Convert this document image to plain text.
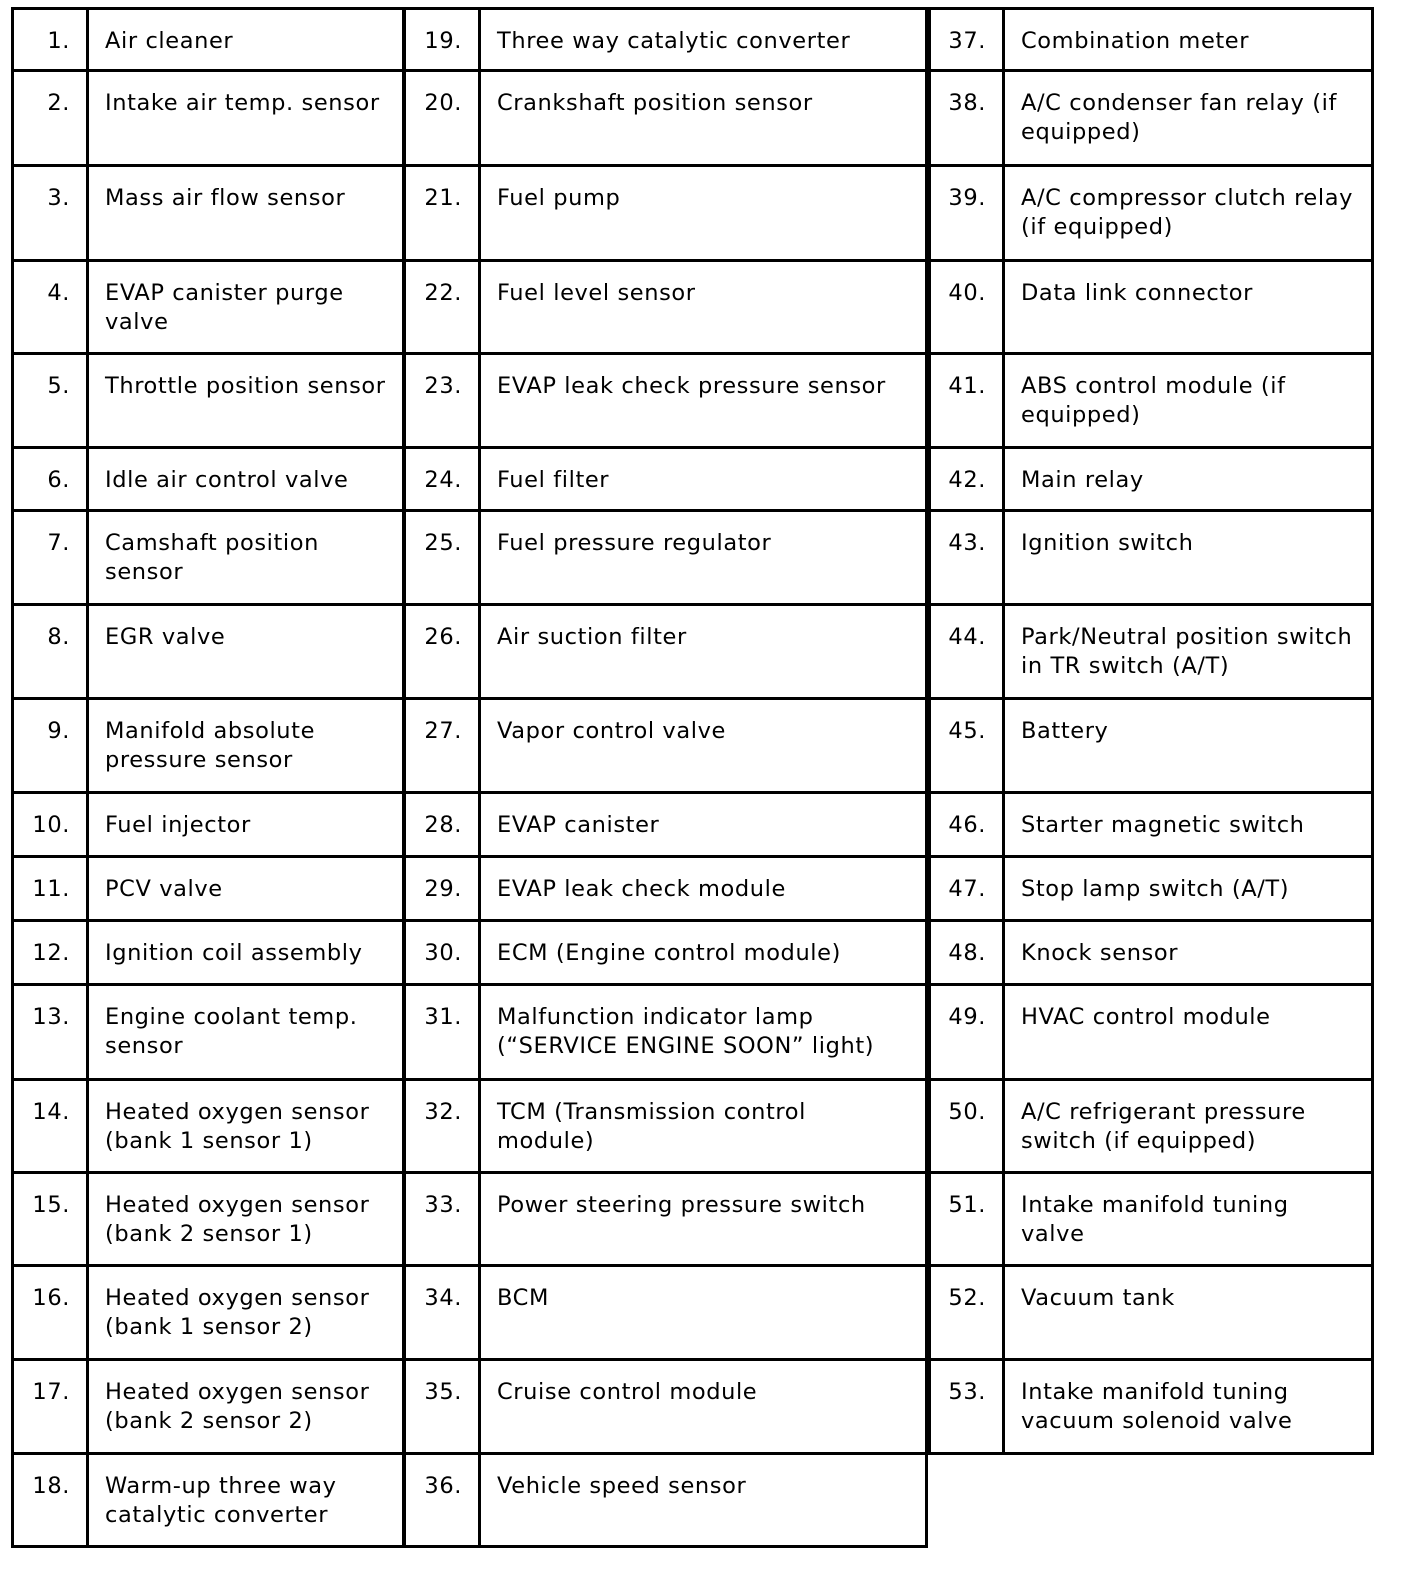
1.	Air cleaner
2.	Intake air temp. sensor
3.	Mass air flow sensor
4.	EVAP canister purge valve
5.	Throttle position sensor
6.	Idle air control valve
7.	Camshaft position sensor
8.	EGR valve
9.	Manifold absolute pressure sensor
10.	Fuel injector
11.	PCV valve
12.	Ignition coil assembly
13.	Engine coolant temp. sensor
14.	Heated oxygen sensor (bank 1 sensor 1)
15.	Heated oxygen sensor (bank 2 sensor 1)
16.	Heated oxygen sensor (bank 1 sensor 2)
17.	Heated oxygen sensor (bank 2 sensor 2)
18.	Warm-up three way catalytic converter
19.	Three way catalytic converter
20.	Crankshaft position sensor
21.	Fuel pump
22.	Fuel level sensor
23.	EVAP leak check pressure sensor
24.	Fuel filter
25.	Fuel pressure regulator
26.	Air suction filter
27.	Vapor control valve
28.	EVAP canister
29.	EVAP leak check module
30.	ECM (Engine control module)
31.	Malfunction indicator lamp (“SERVICE ENGINE SOON” light)
32.	TCM (Transmission control module)
33.	Power steering pressure switch
34.	BCM
35.	Cruise control module
36.	Vehicle speed sensor
37.	Combination meter
38.	A/C condenser fan relay (if equipped)
39.	A/C compressor clutch relay (if equipped)
40.	Data link connector
41.	ABS control module (if equipped)
42.	Main relay
43.	Ignition switch
44.	Park/Neutral position switch in TR switch (A/T)
45.	Battery
46.	Starter magnetic switch
47.	Stop lamp switch (A/T)
48.	Knock sensor
49.	HVAC control module
50.	A/C refrigerant pressure switch (if equipped)
51.	Intake manifold tuning valve
52.	Vacuum tank
53.	Intake manifold tuning vacuum solenoid valve
